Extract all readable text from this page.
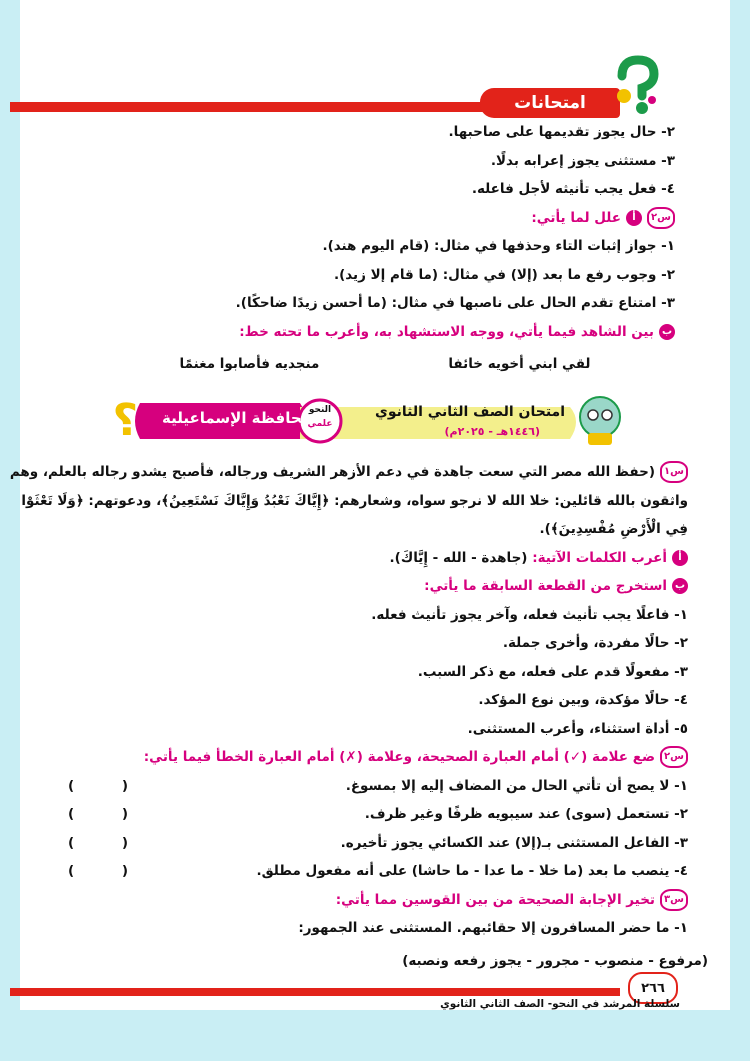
امتحانات
٢- حال يجوز تقديمها على صاحبها.
٣- مستثنى يجوز إعرابه بدلًا.
٤- فعل يجب تأنيثه لأجل فاعله.
س٢أعلل لما يأتي:
١- جواز إثبات التاء وحذفها في مثال: (قام اليوم هند).
٢- وجوب رفع ما بعد (إلا) في مثال: (ما قام إلا زيد).
٣- امتناع تقدم الحال على ناصبها في مثال: (ما أحسن زيدًا ضاحكًا).
ببين الشاهد فيما يأتي، ووجه الاستشهاد به، وأعرب ما تحته خط:
لقي ابني أخويه خائفا
منجديه فأصابوا مغنمًا
؟	امتحان الصف الثاني الثانوي
(١٤٤٦هـ - ٢٠٢٥م)
النحو
علمي
محافظة الإسماعيلية
س١(حفظ الله مصر التي سعت جاهدة في دعم الأزهر الشريف ورجاله، فأصبح يشدو رجاله بالعلم، وهم
واثقون بالله قائلين: خلا الله لا نرجو سواه، وشعارهم: ﴿إِيَّاكَ نَعْبُدُ وَإِيَّاكَ نَسْتَعِينُ﴾، ودعوتهم: ﴿وَلَا تَعْثَوْا
فِي الْأَرْضِ مُفْسِدِينَ﴾).
أأعرب الكلمات الآتية: (جاهدة - الله - إِيَّاكَ).
باستخرج من القطعة السابقة ما يأتي:
١- فاعلًا يجب تأنيث فعله، وآخر يجوز تأنيث فعله.
٢- حالًا مفردة، وأخرى جملة.
٣- مفعولًا قدم على فعله، مع ذكر السبب.
٤- حالًا مؤكدة، وبين نوع المؤكد.
٥- أداة استثناء، وأعرب المستثنى.
س٢ضع علامة (✓) أمام العبارة الصحيحة، وعلامة (✗) أمام العبارة الخطأ فيما يأتي:
١- لا يصح أن تأتي الحال من المضاف إليه إلا بمسوغ.
(
)
٢- تستعمل (سوى) عند سيبويه ظرفًا وغير ظرف.
(
)
٣- الفاعل المستثنى بـ(إلا) عند الكسائي يجوز تأخيره.
(
)
٤- ينصب ما بعد (ما خلا - ما عدا - ما حاشا) على أنه مفعول مطلق.
(
)
س٣تخير الإجابة الصحيحة من بين القوسين مما يأتي:
١- ما حضر المسافرون إلا حقائبهم. المستثنى عند الجمهور:
(مرفوع - منصوب - مجرور - يجوز رفعه ونصبه)
٢٦٦
سلسلة المرشد في النحو- الصف الثاني الثانوي
